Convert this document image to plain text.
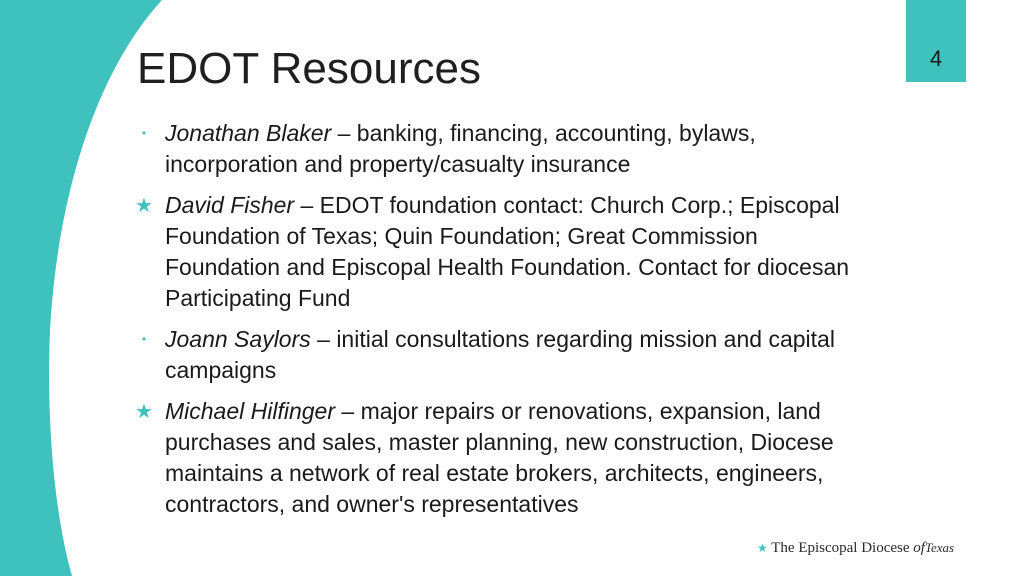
4
EDOT Resources
• Jonathan Blaker – banking, financing, accounting, bylaws, incorporation and property/casualty insurance
★ David Fisher – EDOT foundation contact: Church Corp.; Episcopal Foundation of Texas; Quin Foundation; Great Commission Foundation and Episcopal Health Foundation. Contact for diocesan Participating Fund
• Joann Saylors – initial consultations regarding mission and capital campaigns
★ Michael Hilfinger – major repairs or renovations, expansion, land purchases and sales, master planning, new construction, Diocese maintains a network of real estate brokers, architects, engineers, contractors, and owner's representatives
★ The Episcopal Diocese ofTexas
